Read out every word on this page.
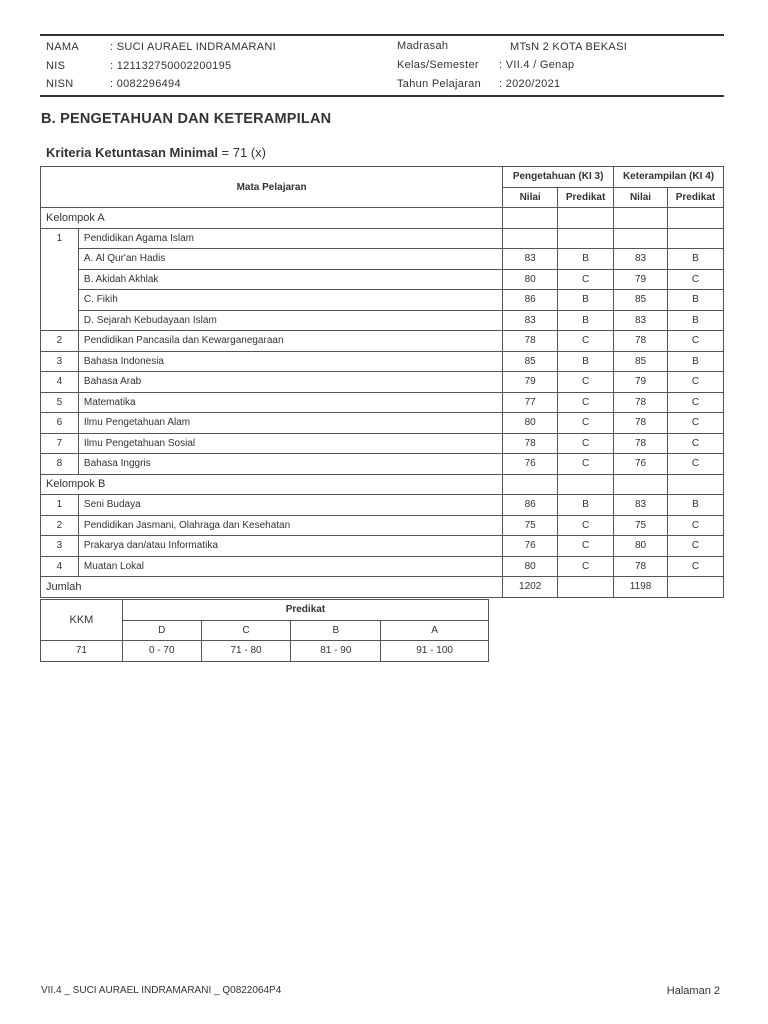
NAMA	: SUCI AURAEL INDRAMARANI
NIS	: 121132750002200195
NISN	: 0082296494
Madrasah	MTsN 2 KOTA BEKASI
Kelas/Semester : VII.4 / Genap
Tahun Pelajaran : 2020/2021
B. PENGETAHUAN DAN KETERAMPILAN
Kriteria Ketuntasan Minimal = 71 (x)
Mata Pelajaran		Pengetahuan (KI 3)		Keterampilan (KI 4)	
		Nilai	Predikat	Nilai	Predikat
Kelompok A					
1	Pendidikan Agama Islam				
	A. Al Qur'an Hadis	83	B	83	B
	B. Akidah Akhlak	80	C	79	C
	C. Fikih	86	B	85	B
	D. Sejarah Kebudayaan Islam	83	B	83	B
2	Pendidikan Pancasila dan Kewarganegaraan	78	C	78	C
3	Bahasa Indonesia	85	B	85	B
4	Bahasa Arab	79	C	79	C
5	Matematika	77	C	78	C
6	Ilmu Pengetahuan Alam	80	C	78	C
7	Ilmu Pengetahuan Sosial	78	C	78	C
8	Bahasa Inggris	76	C	76	C
Kelompok B					
1	Seni Budaya	86	B	83	B
2	Pendidikan Jasmani, Olahraga dan Kesehatan	75	C	75	C
3	Prakarya dan/atau Informatika	76	C	80	C
4	Muatan Lokal	80	C	78	C
Jumlah		1202		1198	
KKM	Predikat			
	D	C	B	A
71	0 - 70	71 - 80	81 - 90	91 - 100
VII.4 _ SUCI AURAEL INDRAMARANI _ Q0822064P4	Halaman 2
